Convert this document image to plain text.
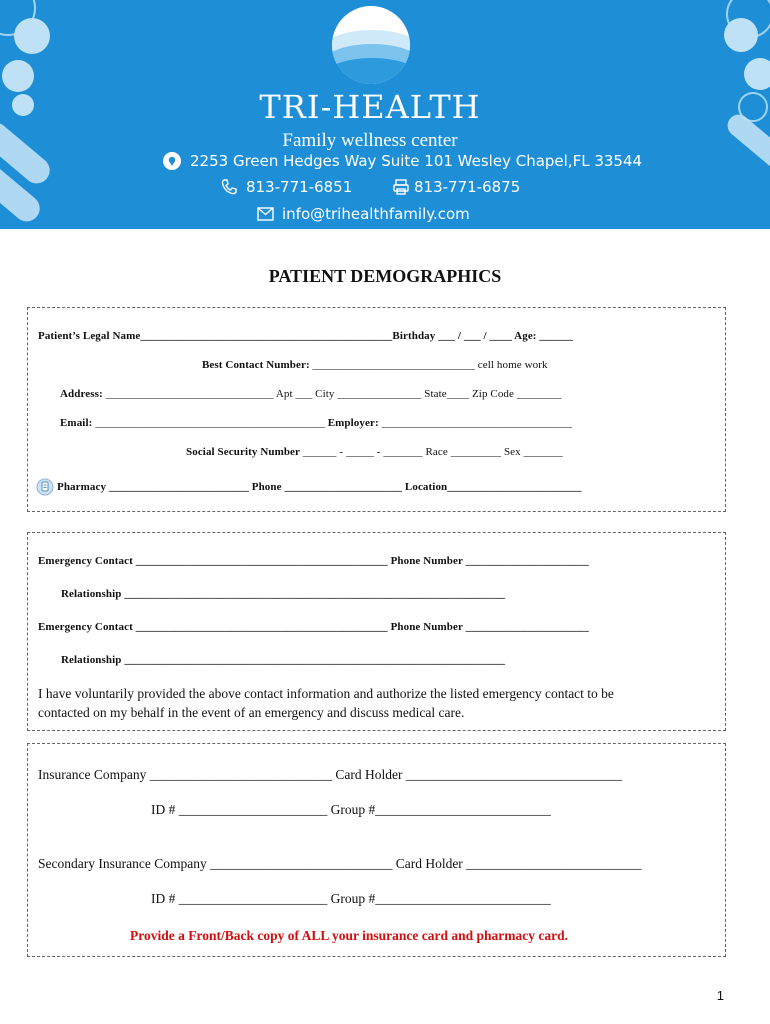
TRI-HEALTH
Family wellness center
2253 Green Hedges Way Suite 101 Wesley Chapel,FL 33544
813-771-6851	813-771-6875
info@trihealthfamily.com
PATIENT DEMOGRAPHICS
Patient’s Legal Name_____________________________________________Birthday ___ / ___ / ____ Age: ______
Best Contact Number: _____________________________ cell home work
Address: ______________________________ Apt ___ City _______________ State____ Zip Code ________
Email: _________________________________________ Employer: __________________________________
Social Security Number ______ - _____ - _______ Race _________ Sex _______
Pharmacy _________________________ Phone _____________________ Location________________________
Emergency Contact _____________________________________________ Phone Number ______________________
Relationship ____________________________________________________________________
Emergency Contact _____________________________________________ Phone Number ______________________
Relationship ____________________________________________________________________
I have voluntarily provided the above contact information and authorize the listed emergency contact to be
contacted on my behalf in the event of an emergency and discuss medical care.
Insurance Company ___________________________ Card Holder ________________________________
ID # ______________________ Group #__________________________
Secondary Insurance Company ___________________________ Card Holder __________________________
ID # ______________________ Group #__________________________
Provide a Front/Back copy of ALL your insurance card and pharmacy card.
1
